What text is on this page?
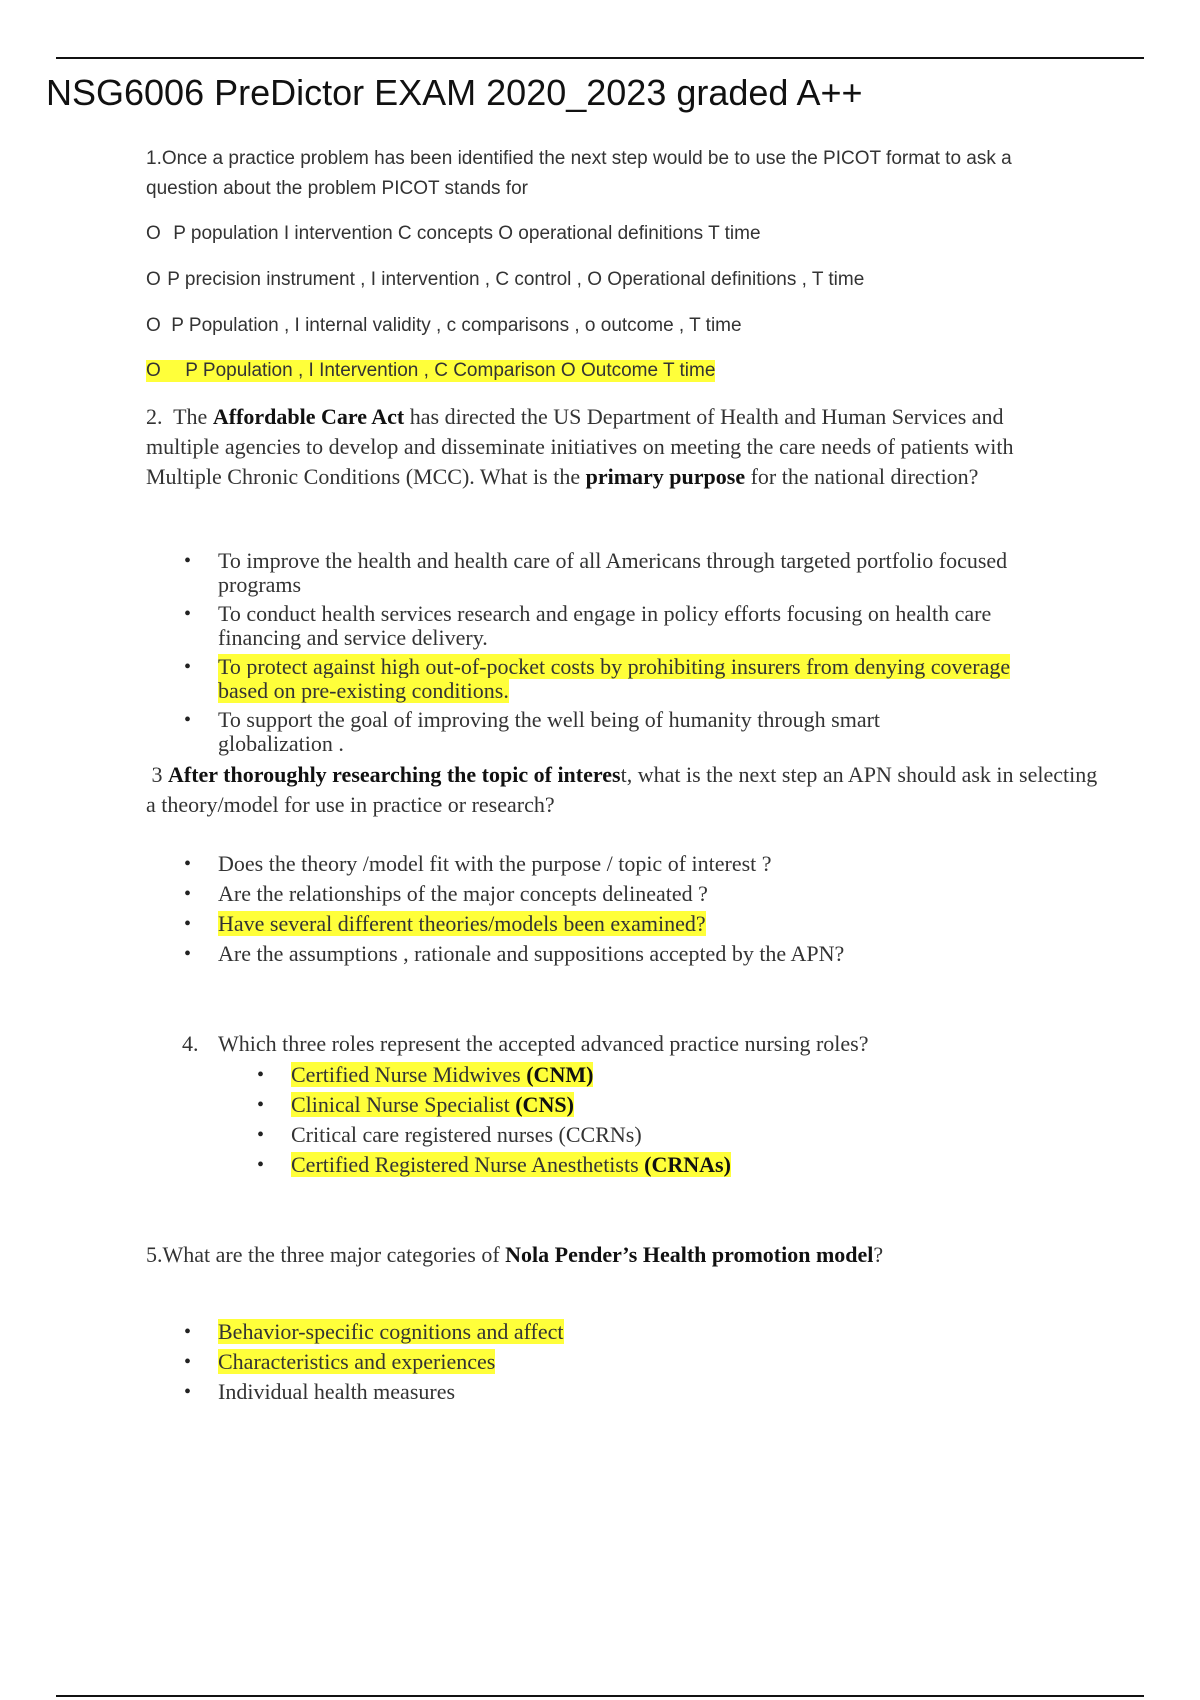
NSG6006 PreDictor EXAM 2020_2023 graded A++

1.Once a practice problem has been identified the next step would be to use the PICOT format to ask a question about the problem PICOT stands for

O P population I intervention C concepts O operational definitions T time
O P precision instrument , I intervention , C control , O Operational definitions , T time
O P Population , I internal validity , c comparisons , o outcome , T time
O P Population , I Intervention , C Comparison O Outcome T time

2. The Affordable Care Act has directed the US Department of Health and Human Services and multiple agencies to develop and disseminate initiatives on meeting the care needs of patients with Multiple Chronic Conditions (MCC). What is the primary purpose for the national direction?

• To improve the health and health care of all Americans through targeted portfolio focused programs
• To conduct health services research and engage in policy efforts focusing on health care financing and service delivery.
• To protect against high out-of-pocket costs by prohibiting insurers from denying coverage based on pre-existing conditions.
• To support the goal of improving the well being of humanity through smart globalization .

3 After thoroughly researching the topic of interest, what is the next step an APN should ask in selecting a theory/model for use in practice or research?

• Does the theory /model fit with the purpose / topic of interest ?
• Are the relationships of the major concepts delineated ?
• Have several different theories/models been examined?
• Are the assumptions , rationale and suppositions accepted by the APN?
4. Which three roles represent the accepted advanced practice nursing roles?
• Certified Nurse Midwives (CNM)
• Clinical Nurse Specialist (CNS)
• Critical care registered nurses (CCRNs)
• Certified Registered Nurse Anesthetists (CRNAs)
5.What are the three major categories of Nola Pender’s Health promotion model?
• Behavior-specific cognitions and affect
• Characteristics and experiences
• Individual health measures
